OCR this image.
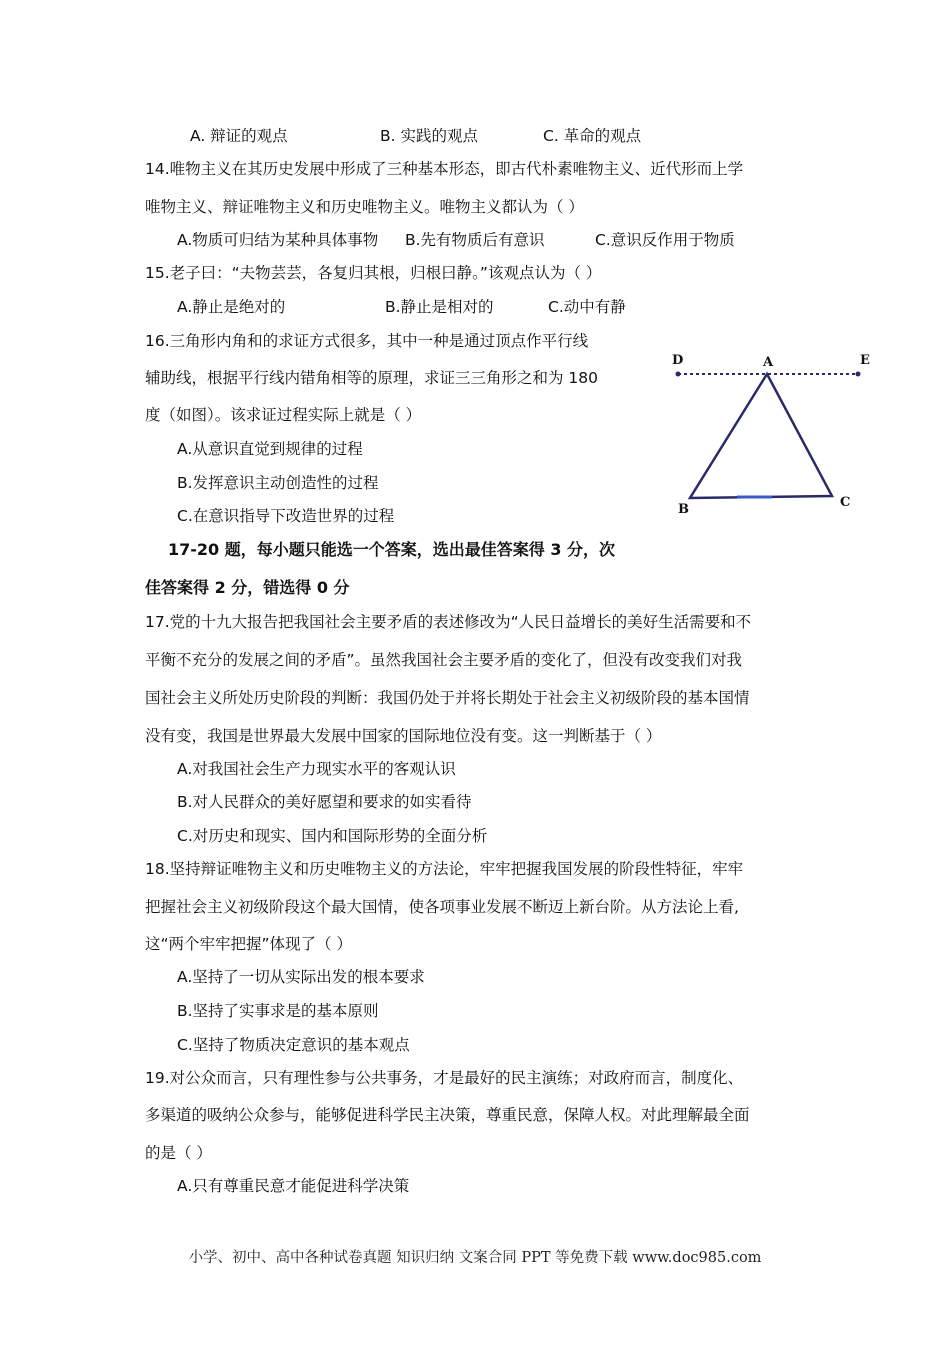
A. 辩证的观点	B. 实践的观点	C. 革命的观点
14.唯物主义在其历史发展中形成了三种基本形态，即古代朴素唯物主义、近代形而上学
唯物主义、辩证唯物主义和历史唯物主义。唯物主义都认为（ ）
A.物质可归结为某种具体事物 B.先有物质后有意识	C.意识反作用于物质
15.老子曰：“夫物芸芸，各复归其根，归根曰静。”该观点认为（ ）
A.静止是绝对的	B.静止是相对的	C.动中有静
16.三角形内角和的求证方式很多，其中一种是通过顶点作平行线
辅助线，根据平行线内错角相等的原理，求证三三角形之和为 180
度（如图）。该求证过程实际上就是（ ）
A.从意识直觉到规律的过程
B.发挥意识主动创造性的过程
C.在意识指导下改造世界的过程
D	A	E
B	C
17-20 题，每小题只能选一个答案，选出最佳答案得 3 分，次
佳答案得 2 分，错选得 0 分
17.党的十九大报告把我国社会主要矛盾的表述修改为“人民日益增长的美好生活需要和不
平衡不充分的发展之间的矛盾”。虽然我国社会主要矛盾的变化了，但没有改变我们对我
国社会主义所处历史阶段的判断：我国仍处于并将长期处于社会主义初级阶段的基本国情
没有变，我国是世界最大发展中国家的国际地位没有变。这一判断基于（ ）
A.对我国社会生产力现实水平的客观认识
B.对人民群众的美好愿望和要求的如实看待
C.对历史和现实、国内和国际形势的全面分析
18.坚持辩证唯物主义和历史唯物主义的方法论，牢牢把握我国发展的阶段性特征，牢牢
把握社会主义初级阶段这个最大国情，使各项事业发展不断迈上新台阶。从方法论上看,
这“两个牢牢把握”体现了（ ）
A.坚持了一切从实际出发的根本要求
B.坚持了实事求是的基本原则
C.坚持了物质决定意识的基本观点
19.对公众而言，只有理性参与公共事务，才是最好的民主演练；对政府而言，制度化、
多渠道的吸纳公众参与，能够促进科学民主决策，尊重民意，保障人权。对此理解最全面
的是（ ）
A.只有尊重民意才能促进科学决策
小学、初中、高中各种试卷真题 知识归纳 文案合同 PPT 等免费下载 www.doc985.com
